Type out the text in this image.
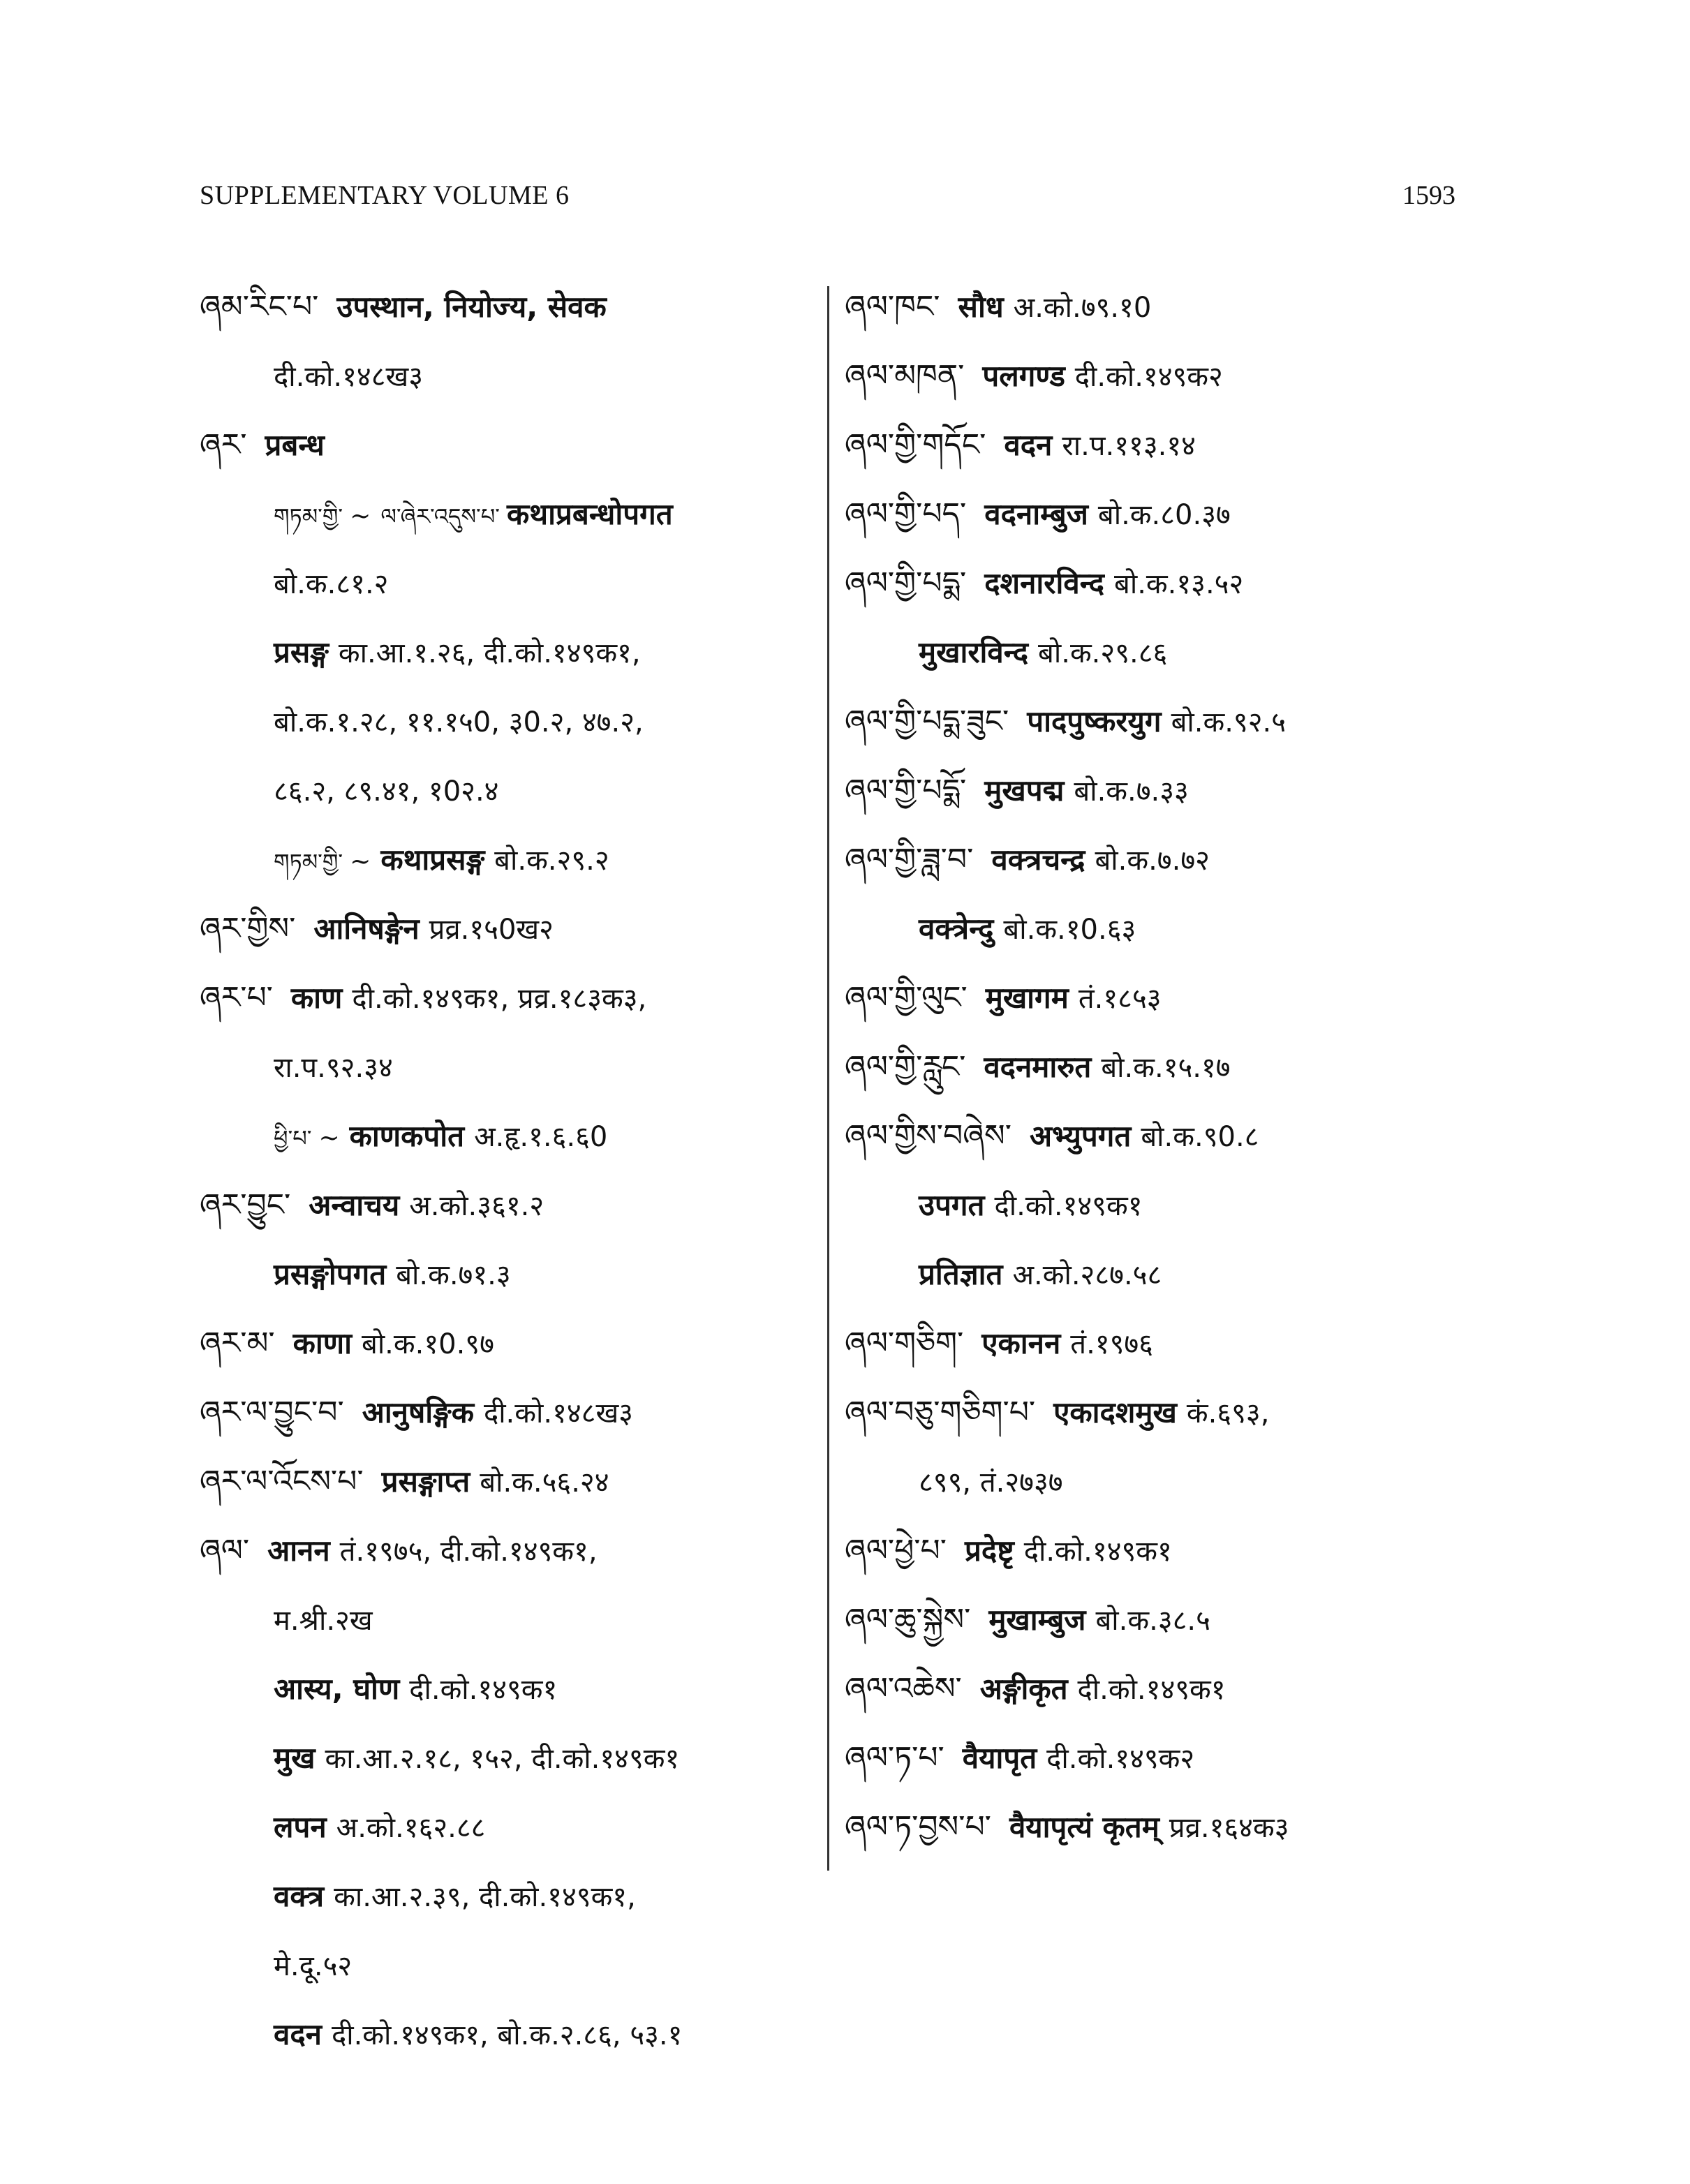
SUPPLEMENTARY VOLUME 6	1593
ཞམ་རིང་པ་ उपस्थान, नियोज्य, सेवक
दी.को.१४८ख३
ཞར་ प्रबन्ध
གཏམ་གྱི་ ~ ལ་ཞེར་འདུས་པ་ कथाप्रबन्धोपगत
बो.क.८१.२
प्रसङ्ग का.आ.१.२६, दी.को.१४९क१,
बो.क.१.२८, ११.१५0, ३0.२, ४७.२,
८६.२, ८९.४१, १0२.४
གཏམ་གྱི་ ~ कथाप्रसङ्ग बो.क.२९.२
ཞར་གྱིས་ आनिषङ्गेन प्रव्र.१५0ख२
ཞར་པ་ काण दी.को.१४९क१, प्रव्र.१८३क३,
रा.प.९२.३४
ཕྱི་པ་ ~ काणकपोत अ.हृ.१.६.६0
ཞར་བྱུང་ अन्वाचय अ.को.३६१.२
प्रसङ्गोपगत बो.क.७१.३
ཞར་མ་ काणा बो.क.१0.९७
ཞར་ལ་བྱུང་བ་ आनुषङ्गिक दी.को.१४८ख३
ཞར་ལ་འོངས་པ་ प्रसङ्गाप्त बो.क.५६.२४
ཞལ་ आनन तं.१९७५, दी.को.१४९क१,
म.श्री.२ख
आस्य, घोण दी.को.१४९क१
मुख का.आ.२.१८, १५२, दी.को.१४९क१
लपन अ.को.१६२.८८
वक्त्र का.आ.२.३९, दी.को.१४९क१,
मे.दू.५२
वदन दी.को.१४९क१, बो.क.२.८६, ५३.१
ཞལ་ཁང་ सौध अ.को.७९.१0
ཞལ་མཁན་ पलगण्ड दी.को.१४९क२
ཞལ་གྱི་གདོང་ वदन रा.प.११३.१४
ཞལ་གྱི་པད་ वदनाम्बुज बो.क.८0.३७
ཞལ་གྱི་པདྨ་ दशनारविन्द बो.क.१३.५२
मुखारविन्द बो.क.२९.८६
ཞལ་གྱི་པདྨ་ཟུང་ पादपुष्करयुग बो.क.९२.५
ཞལ་གྱི་པདྨོ་ मुखपद्म बो.क.७.३३
ཞལ་གྱི་ཟླ་བ་ वक्त्रचन्द्र बो.क.७.७२
वक्त्रेन्दु बो.क.१0.६३
ཞལ་གྱི་ལུང་ मुखागम तं.१८५३
ཞལ་གྱི་རླུང་ वदनमारुत बो.क.१५.१७
ཞལ་གྱིས་བཞེས་ अभ्युपगत बो.क.९0.८
उपगत दी.को.१४९क१
प्रतिज्ञात अ.को.२८७.५८
ཞལ་གཅིག་ एकानन तं.१९७६
ཞལ་བཅུ་གཅིག་པ་ एकादशमुख कं.६९३,
८९९, तं.२७३७
ཞལ་ཕྱེ་པ་ प्रदेष्टृ दी.को.१४९क१
ཞལ་ཆུ་སྐྱེས་ मुखाम्बुज बो.क.३८.५
ཞལ་འཆེས་ अङ्गीकृत दी.को.१४९क१
ཞལ་ཏ་པ་ वैयापृत दी.को.१४९क२
ཞལ་ཏ་བྱས་པ་ वैयापृत्यं कृतम् प्रव्र.१६४क३
